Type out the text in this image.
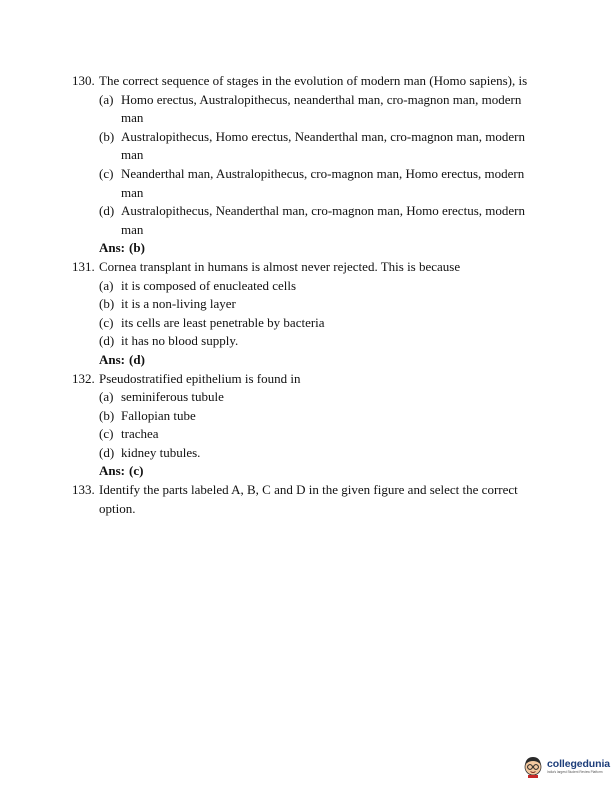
130. The correct sequence of stages in the evolution of modern man (Homo sapiens), is
(a) Homo erectus, Australopithecus, neanderthal man, cro-magnon man, modern man
(b) Australopithecus, Homo erectus, Neanderthal man, cro-magnon man, modern man
(c) Neanderthal man, Australopithecus, cro-magnon man, Homo erectus, modern man
(d) Australopithecus, Neanderthal man, cro-magnon man, Homo erectus, modern man
Ans: (b)
131. Cornea transplant in humans is almost never rejected. This is because
(a) it is composed of enucleated cells
(b) it is a non-living layer
(c) its cells are least penetrable by bacteria
(d) it has no blood supply.
Ans: (d)
132. Pseudostratified epithelium is found in
(a) seminiferous tubule
(b) Fallopian tube
(c) trachea
(d) kidney tubules.
Ans: (c)
133. Identify the parts labeled A, B, C and D in the given figure and select the correct option.
collegedunia
India's largest Student Review Platform
